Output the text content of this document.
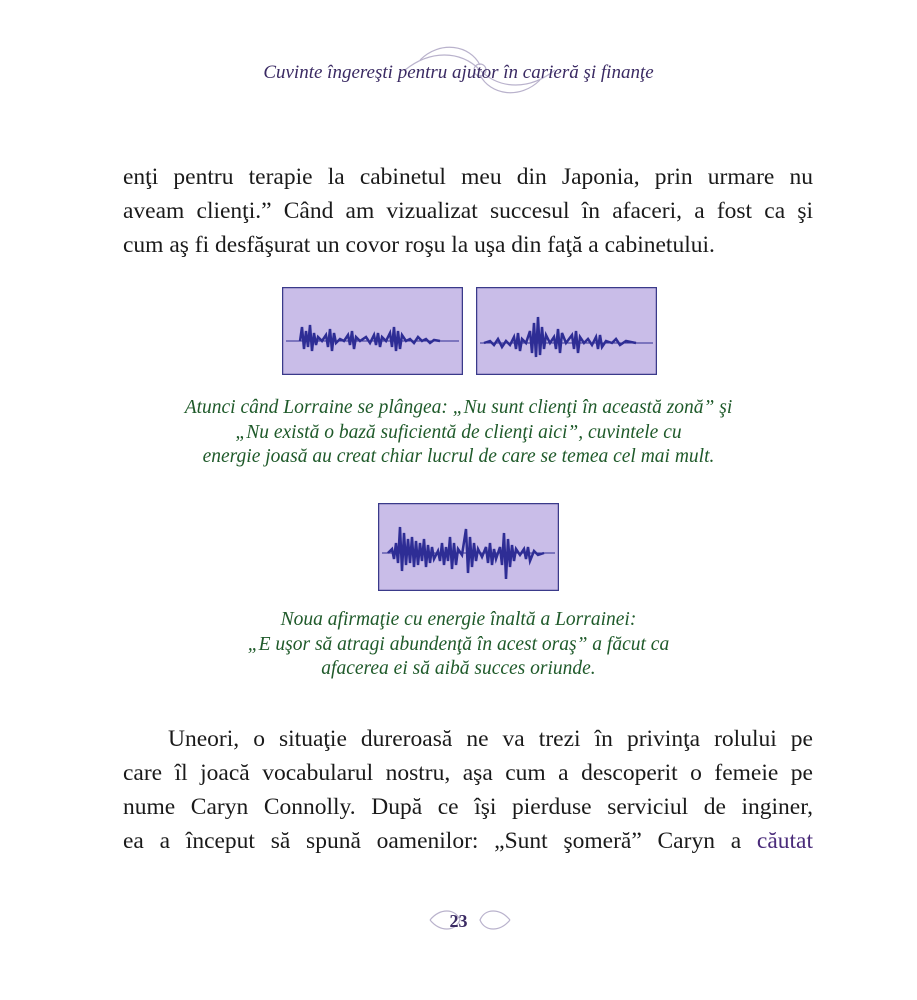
Cuvinte îngereşti pentru ajutor în carieră şi finanţe
enţi pentru terapie la cabinetul meu din Japonia, prin urmare nu
aveam clienţi.” Când am vizualizat succesul în afaceri, a fost ca şi
cum aş fi desfăşurat un covor roşu la uşa din faţă a cabinetului.
Atunci când Lorraine se plângea: „Nu sunt clienţi în această zonă” şi
„Nu există o bază suficientă de clienţi aici”, cuvintele cu
energie joasă au creat chiar lucrul de care se temea cel mai mult.
Noua afirmaţie cu energie înaltă a Lorrainei:
„E uşor să atragi abundenţă în acest oraş” a făcut ca
afacerea ei să aibă succes oriunde.
Uneori, o situaţie dureroasă ne va trezi în privinţa rolului pe
care îl joacă vocabularul nostru, aşa cum a descoperit o femeie pe
nume Caryn Connolly. După ce îşi pierduse serviciul de inginer,
ea a început să spună oamenilor: „Sunt şomeră” Caryn a căutat
23
